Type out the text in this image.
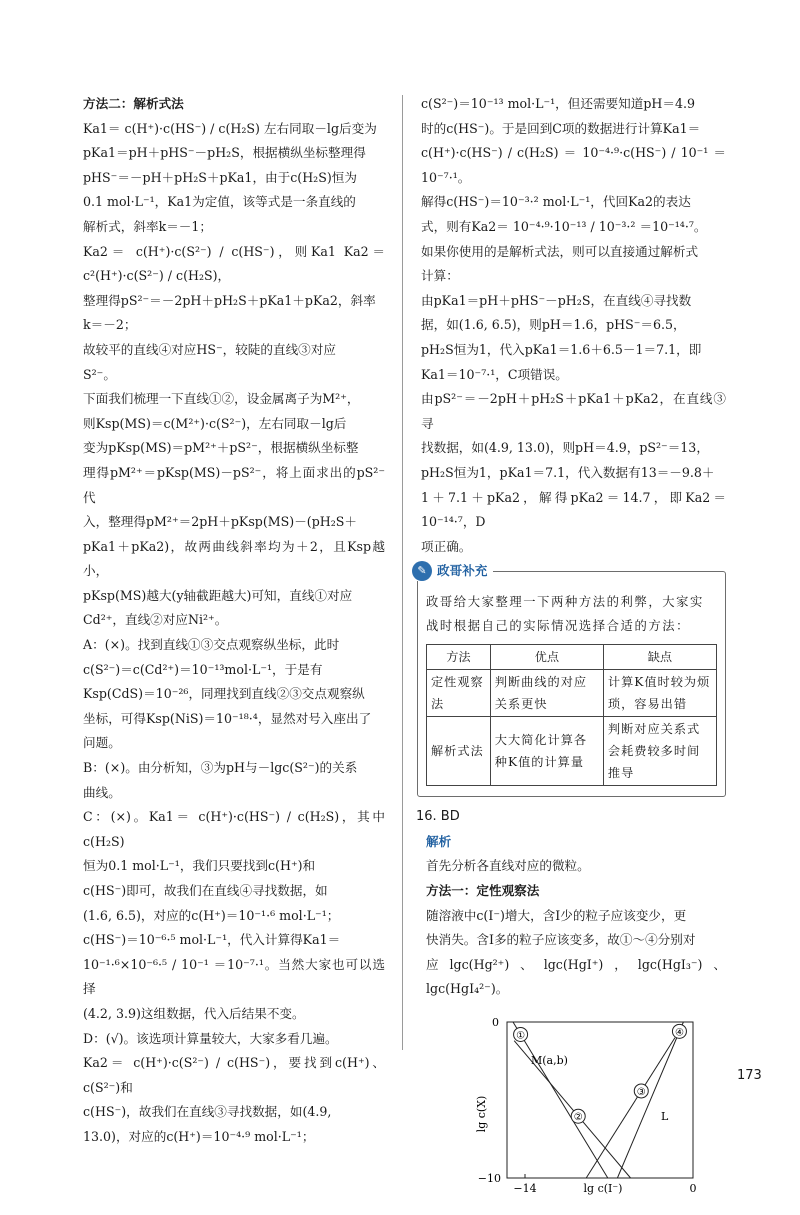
方法二：解析式法

Ka1＝ c(H⁺)·c(HS⁻) / c(H₂S) 左右同取－lg后变为

pKa1＝pH＋pHS⁻－pH₂S，根据横纵坐标整理得

pHS⁻＝－pH＋pH₂S＋pKa1，由于c(H₂S)恒为

0.1 mol·L⁻¹，Ka1为定值，该等式是一条直线的

解析式，斜率k＝－1；

Ka2＝ c(H⁺)·c(S²⁻) / c(HS⁻)，则Ka1 Ka2＝ c²(H⁺)·c(S²⁻) / c(H₂S)，

整理得pS²⁻＝－2pH＋pH₂S＋pKa1＋pKa2，斜率

k＝－2；

故较平的直线④对应HS⁻，较陡的直线③对应

S²⁻。

下面我们梳理一下直线①②，设金属离子为M²⁺，

则Ksp(MS)＝c(M²⁺)·c(S²⁻)，左右同取－lg后

变为pKsp(MS)＝pM²⁺＋pS²⁻，根据横纵坐标整

理得pM²⁺＝pKsp(MS)－pS²⁻，将上面求出的pS²⁻代

入，整理得pM²⁺＝2pH＋pKsp(MS)－(pH₂S＋

pKa1＋pKa2)，故两曲线斜率均为＋2，且Ksp越小，

pKsp(MS)越大(y轴截距越大)可知，直线①对应

Cd²⁺，直线②对应Ni²⁺。

A：(×)。找到直线①③交点观察纵坐标，此时

c(S²⁻)＝c(Cd²⁺)＝10⁻¹³mol·L⁻¹，于是有

Ksp(CdS)＝10⁻²⁶，同理找到直线②③交点观察纵

坐标，可得Ksp(NiS)＝10⁻¹⁸·⁴，显然对号入座出了

问题。

B：(×)。由分析知，③为pH与－lgc(S²⁻)的关系

曲线。

C：(×)。Ka1＝ c(H⁺)·c(HS⁻) / c(H₂S)，其中c(H₂S)

恒为0.1 mol·L⁻¹，我们只要找到c(H⁺)和

c(HS⁻)即可，故我们在直线④寻找数据，如

(1.6, 6.5)，对应的c(H⁺)＝10⁻¹·⁶ mol·L⁻¹；

c(HS⁻)＝10⁻⁶·⁵ mol·L⁻¹，代入计算得Ka1＝

10⁻¹·⁶×10⁻⁶·⁵ / 10⁻¹ ＝10⁻⁷·¹。当然大家也可以选择

(4.2, 3.9)这组数据，代入后结果不变。

D：(√)。该选项计算量较大，大家多看几遍。

Ka2＝ c(H⁺)·c(S²⁻) / c(HS⁻)，要找到c(H⁺)、c(S²⁻)和

c(HS⁻)，故我们在直线③寻找数据，如(4.9,

13.0)，对应的c(H⁺)＝10⁻⁴·⁹ mol·L⁻¹；

c(S²⁻)＝10⁻¹³ mol·L⁻¹，但还需要知道pH＝4.9

时的c(HS⁻)。于是回到C项的数据进行计算Ka1＝

c(H⁺)·c(HS⁻) / c(H₂S) ＝ 10⁻⁴·⁹·c(HS⁻) / 10⁻¹ ＝10⁻⁷·¹。

解得c(HS⁻)＝10⁻³·² mol·L⁻¹，代回Ka2的表达

式，则有Ka2＝ 10⁻⁴·⁹·10⁻¹³ / 10⁻³·² ＝10⁻¹⁴·⁷。

如果你使用的是解析式法，则可以直接通过解析式

计算：

由pKa1＝pH＋pHS⁻－pH₂S，在直线④寻找数

据，如(1.6, 6.5)，则pH＝1.6，pHS⁻＝6.5，

pH₂S恒为1，代入pKa1＝1.6＋6.5－1＝7.1，即

Ka1＝10⁻⁷·¹，C项错误。

由pS²⁻＝－2pH＋pH₂S＋pKa1＋pKa2，在直线③寻

找数据，如(4.9, 13.0)，则pH＝4.9，pS²⁻＝13，

pH₂S恒为1，pKa1＝7.1，代入数据有13＝－9.8＋

1＋7.1＋pKa2，解得pKa2＝14.7，即Ka2＝10⁻¹⁴·⁷，D

项正确。

✎ 政哥补充

政哥给大家整理一下两种方法的利弊，大家实战时根据自己的实际情况选择合适的方法：

方法	优点	缺点
定性观察法	判断曲线的对应关系更快	计算K值时较为烦琐，容易出错
解析式法	大大简化计算各种K值的计算量	判断对应关系式会耗费较多时间推导

16. BD

解析

首先分析各直线对应的微粒。

方法一：定性观察法

随溶液中c(I⁻)增大，含I少的粒子应该变少，更

快消失。含I多的粒子应该变多，故①～④分别对

应lgc(Hg²⁺)、lgc(HgI⁺)，lgc(HgI₃⁻)、lgc(HgI₄²⁻)。

①
②
③
④
M(a,b)
L
0
−10
−14	0
lg c(I⁻)
lg c(X)
173
